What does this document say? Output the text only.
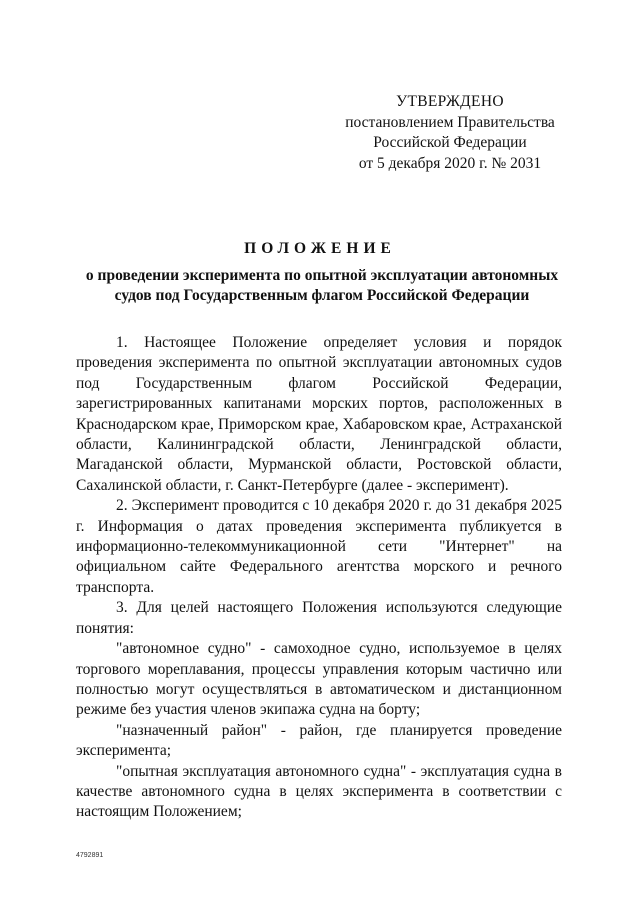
УТВЕРЖДЕНО
постановлением Правительства
Российской Федерации
от 5 декабря 2020 г. № 2031
ПОЛОЖЕНИЕ
о проведении эксперимента по опытной эксплуатации автономных судов под Государственным флагом Российской Федерации

1. Настоящее Положение определяет условия и порядок проведения эксперимента по опытной эксплуатации автономных судов под Государственным флагом Российской Федерации, зарегистрированных капитанами морских портов, расположенных в Краснодарском крае, Приморском крае, Хабаровском крае, Астраханской области, Калининградской области, Ленинградской области, Магаданской области, Мурманской области, Ростовской области, Сахалинской области, г. Санкт-Петербурге (далее - эксперимент).

2. Эксперимент проводится с 10 декабря 2020 г. до 31 декабря 2025 г. Информация о датах проведения эксперимента публикуется в информационно-телекоммуникационной сети "Интернет" на официальном сайте Федерального агентства морского и речного транспорта.

3. Для целей настоящего Положения используются следующие понятия:

"автономное судно" - самоходное судно, используемое в целях торгового мореплавания, процессы управления которым частично или полностью могут осуществляться в автоматическом и дистанционном режиме без участия членов экипажа судна на борту;

"назначенный район" - район, где планируется проведение эксперимента;

"опытная эксплуатация автономного судна" - эксплуатация судна в качестве автономного судна в целях эксперимента в соответствии с настоящим Положением;

4792891
